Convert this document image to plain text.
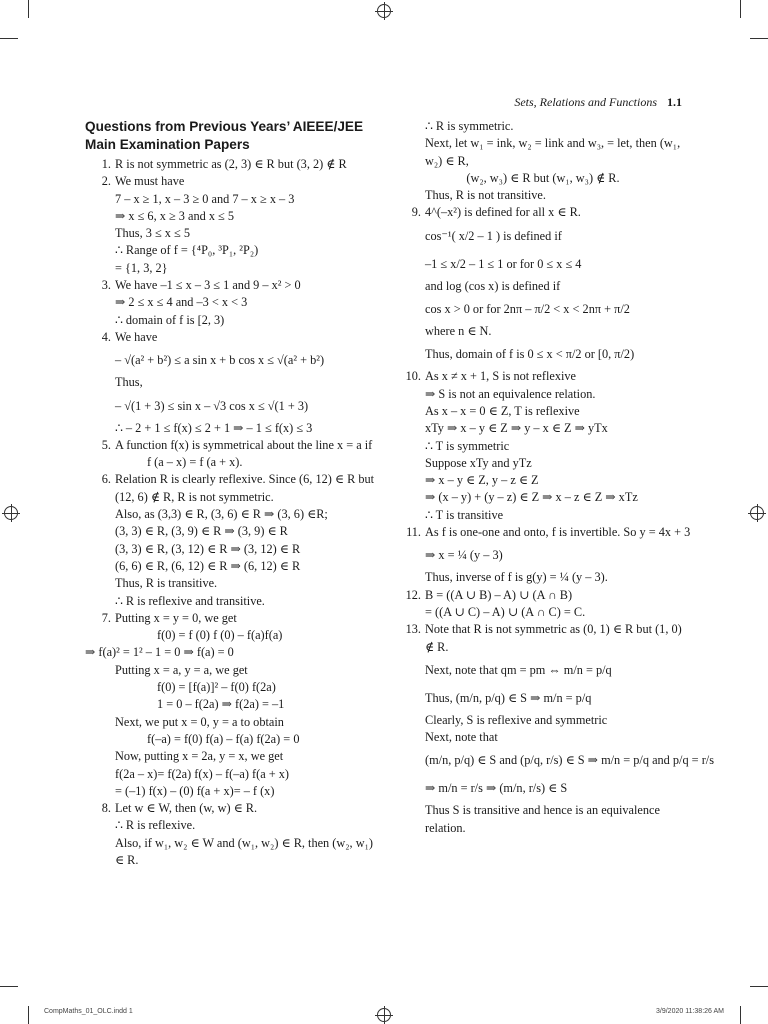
Sets, Relations and Functions 1.1
Questions from Previous Years’ AIEEE/JEE
Main Examination Papers
1. R is not symmetric as (2, 3) ∈ R but (3, 2) ∉ R
2. We must have
7 – x ≥ 1, x – 3 ≥ 0 and 7 – x ≥ x – 3
⇒ x ≤ 6, x ≥ 3 and x ≤ 5
Thus, 3 ≤ x ≤ 5
∴ Range of f = {⁴P₀, ³P₁, ²P₂)
= {1, 3, 2}
3. We have –1 ≤ x – 3 ≤ 1 and 9 – x² > 0
⇒ 2 ≤ x ≤ 4 and –3 < x < 3
∴ domain of f is [2, 3)
4. We have
– √(a² + b²) ≤ a sin x + b cos x ≤ √(a² + b²)
Thus,
– √(1 + 3) ≤ sin x – √3 cos x ≤ √(1 + 3)
∴ – 2 + 1 ≤ f(x) ≤ 2 + 1 ⇒ – 1 ≤ f(x) ≤ 3
5. A function f(x) is symmetrical about the line x = a if
f (a – x) = f (a + x).
6. Relation R is clearly reflexive. Since (6, 12) ∈ R but (12, 6) ∉ R, R is not symmetric.
Also, as (3,3) ∈ R, (3, 6) ∈ R ⇒ (3, 6) ∈R;
(3, 3) ∈ R, (3, 9) ∈ R ⇒ (3, 9) ∈ R
(3, 3) ∈ R, (3, 12) ∈ R ⇒ (3, 12) ∈ R
(6, 6) ∈ R, (6, 12) ∈ R ⇒ (6, 12) ∈ R
Thus, R is transitive.
∴ R is reflexive and transitive.
7. Putting x = y = 0, we get
f(0) = f (0) f (0) – f(a)f(a)
⇒ f(a)² = 1² – 1 = 0 ⇒ f(a) = 0
Putting x = a, y = a, we get
f(0) = [f(a)]² – f(0) f(2a)
1 = 0 – f(2a) ⇒ f(2a) = –1
Next, we put x = 0, y = a to obtain
f(–a) = f(0) f(a) – f(a) f(2a) = 0
Now, putting x = 2a, y = x, we get
f(2a – x)= f(2a) f(x) – f(–a) f(a + x)
= (–1) f(x) – (0) f(a + x)= – f (x)
8. Let w ∈ W, then (w, w) ∈ R.
∴ R is reflexive.
Also, if w₁, w₂ ∈ W and (w₁, w₂) ∈ R, then (w₂, w₁) ∈ R.
∴ R is symmetric.
Next, let w₁ = ink, w₂ = link and w₃, = let, then (w₁, w₂) ∈ R,
(w₂, w₃) ∈ R but (w₁, w₃) ∉ R.
Thus, R is not transitive.
9. 4^(–x²) is defined for all x ∈ R.
cos⁻¹( x/2 – 1 ) is defined if
–1 ≤ x/2 – 1 ≤ 1 or for 0 ≤ x ≤ 4
and log (cos x) is defined if
cos x > 0 or for 2nπ – π/2 < x < 2nπ + π/2
where n ∈ N.
Thus, domain of f is 0 ≤ x < π/2 or [0, π/2)
10. As x ≠ x + 1, S is not reflexive
⇒ S is not an equivalence relation.
As x – x = 0 ∈ Z, T is reflexive
xTy ⇒ x – y ∈ Z ⇒ y – x ∈ Z ⇒ yTx
∴ T is symmetric
Suppose xTy and yTz
⇒ x – y ∈ Z, y – z ∈ Z
⇒ (x – y) + (y – z) ∈ Z ⇒ x – z ∈ Z ⇒ xTz
∴ T is transitive
11. As f is one-one and onto, f is invertible. So y = 4x + 3
⇒ x = ¼ (y – 3)
Thus, inverse of f is g(y) = ¼ (y – 3).
12. B = ((A ∪ B) – A) ∪ (A ∩ B)
= ((A ∪ C) – A) ∪ (A ∩ C) = C.
13. Note that R is not symmetric as (0, 1) ∈ R but (1, 0) ∉ R.
Next, note that qm = pm ⇔ m/n = p/q
Thus, (m/n, p/q) ∈ S ⇒ m/n = p/q
Clearly, S is reflexive and symmetric
Next, note that
(m/n, p/q) ∈ S and (p/q, r/s) ∈ S ⇒ m/n = p/q and p/q = r/s
⇒ m/n = r/s ⇒ (m/n, r/s) ∈ S
Thus S is transitive and hence is an equivalence relation.
CompMaths_01_OLC.indd 1	3/9/2020 11:38:26 AM
